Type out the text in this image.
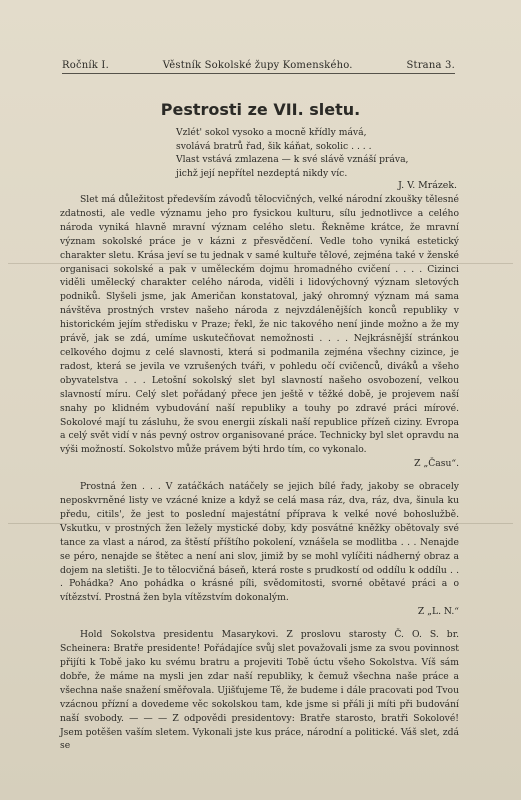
Ročník I.	Věstník Sokolské župy Komenského.	Strana 3.
Pestrosti ze VII. sletu.
Vzlét' sokol vysoko a mocně křídly mává,
svolává bratrů řad, šik káňat, sokolic . . . .
Vlast vstává zmlazena — k své slávě vznáší práva,
jichž její nepřítel nezdeptá nikdy víc.
J. V. Mrázek.

Slet má důležitost především závodů tělocvičných, velké národní zkoušky tělesné zdatnosti, ale vedle významu jeho pro fysickou kulturu, sílu jednotlivce a celého národa vyniká hlavně mravní význam celého sletu. Řekněme krátce, že mravní význam sokolské práce je v kázni z přesvědčení. Vedle toho vyniká estetický charakter sletu. Krása jeví se tu jednak v samé kultuře tělové, zejména také v ženské organisaci sokolské a pak v uměleckém dojmu hromadného cvičení . . . . Cizinci viděli umělecký charakter celého národa, viděli i lidovýchovný význam sletových podniků. Slyšeli jsme, jak Američan konstatoval, jaký ohromný význam má sama návštěva prostných vrstev našeho národa z nejvzdálenějších konců republiky v historickém jejím středisku v Praze; řekl, že nic takového není jinde možno a že my právě, jak se zdá, umíme uskutečňovat nemožnosti . . . . Nejkrásnější stránkou celkového dojmu z celé slavnosti, která si podmanila zejména všechny cizince, je radost, která se jevila ve vzrušených tváři, v pohledu očí cvičenců, diváků a všeho obyvatelstva . . . Letošní sokolský slet byl slavností našeho osvobození, velkou slavností míru. Celý slet pořádaný přece jen ještě v těžké době, je projevem naší snahy po klidném vybudování naší republiky a touhy po zdravé práci mírové. Sokolové mají tu zásluhu, že svou energii získali naší republice přízeň ciziny. Evropa a celý svět vidí v nás pevný ostrov organisované práce. Technicky byl slet opravdu na výši možností. Sokolstvo může právem býti hrdo tím, co vykonalo.
Z „Času“.

Prostná žen . . . V zatáčkách natáčely se jejich bílé řady, jakoby se obracely neposkvrněné listy ve vzácné knize a když se celá masa ráz, dva, ráz, dva, šinula ku předu, citils', že jest to poslední majestátní příprava k velké nové bohoslužbě. Vskutku, v prostných žen ležely mystické doby, kdy posvátné kněžky obětovaly své tance za vlast a národ, za štěstí příštího pokolení, vznášela se modlitba . . . Nenajde se péro, nenajde se štětec a není ani slov, jimiž by se mohl vylíčiti nádherný obraz a dojem na sletišti. Je to tělocvičná báseň, která roste s prudkostí od oddílu k oddílu . . . Pohádka? Ano pohádka o krásné píli, svědomitosti, svorné obětavé práci a o vítězství. Prostná žen byla vítězstvím dokonalým.
Z „L. N.“

Hold Sokolstva presidentu Masarykovi. Z proslovu starosty Č. O. S. br. Scheinera: Bratře presidente! Pořádajíce svůj slet považovali jsme za svou povinnost přijíti k Tobě jako ku svému bratru a projeviti Tobě úctu všeho Sokolstva. Víš sám dobře, že máme na mysli jen zdar naší republiky, k čemuž všechna naše práce a všechna naše snažení směřovala. Ujišťujeme Tě, že budeme i dále pracovati pod Tvou vzácnou přízní a dovedeme věc sokolskou tam, kde jsme si přáli ji míti při budování naší svobody. — — — Z odpovědi presidentovy: Bratře starosto, bratři Sokolové! Jsem potěšen vaším sletem. Vykonali jste kus práce, národní a politické. Váš slet, zdá se
